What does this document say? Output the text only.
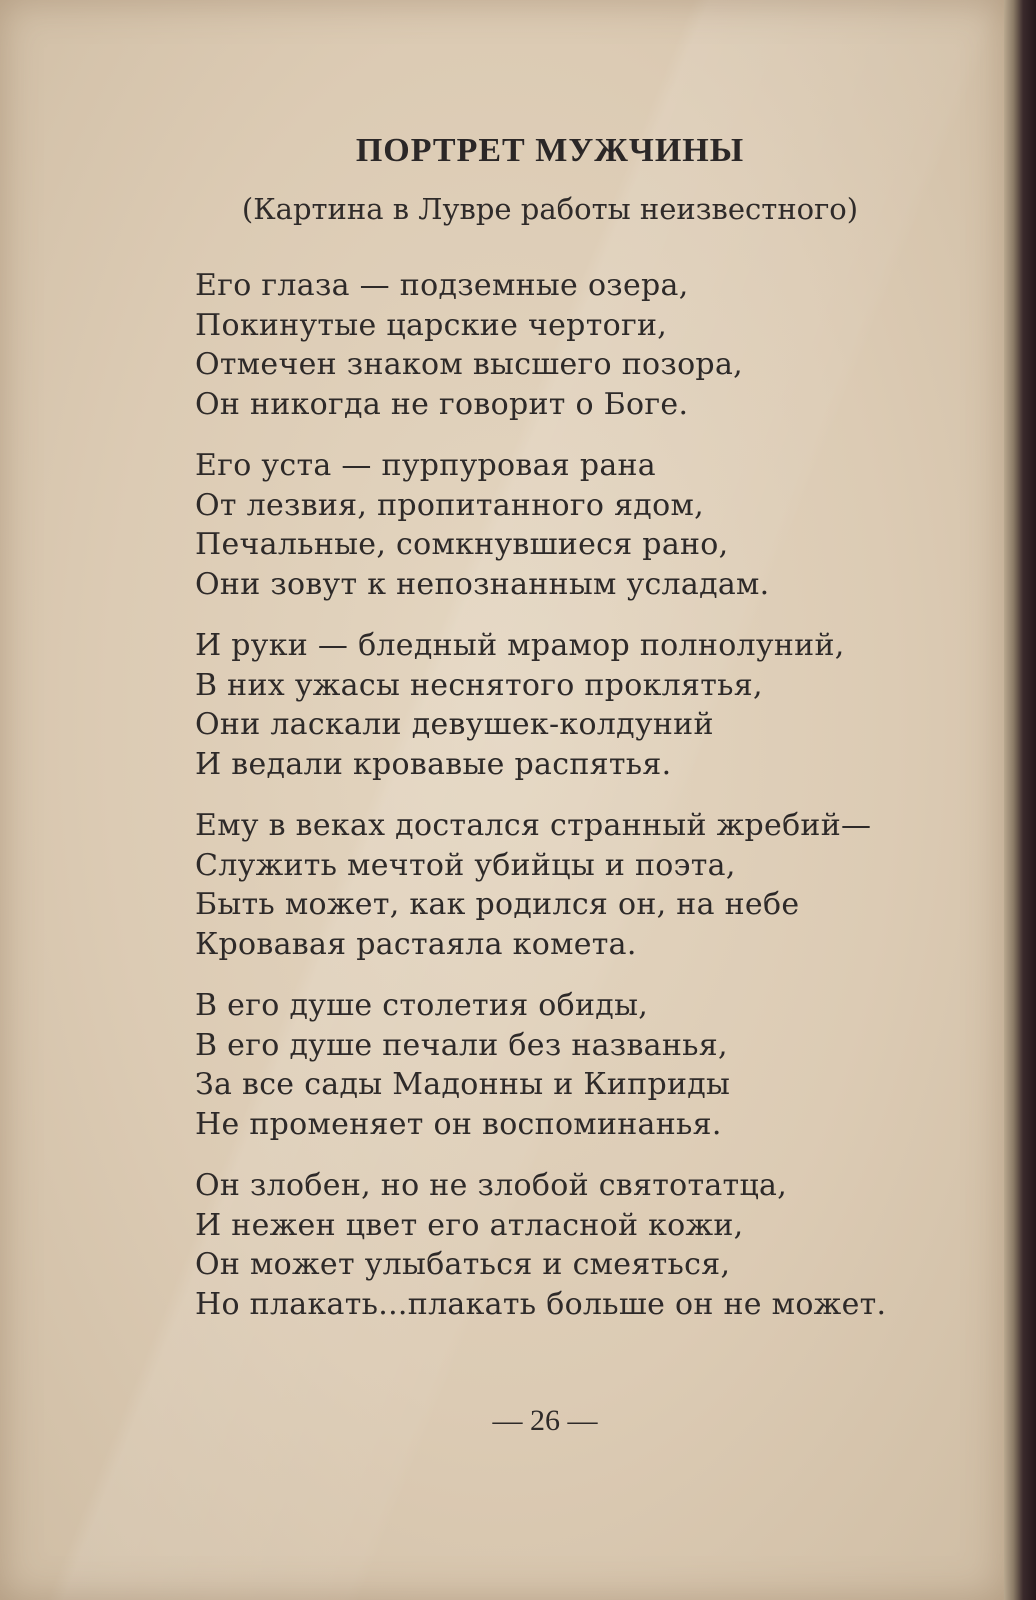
ПОРТРЕТ МУЖЧИНЫ

(Картина в Лувре работы неизвестного)

Его глаза — подземные озера,
Покинутые царские чертоги,
Отмечен знаком высшего позора,
Он никогда не говорит о Боге.
Его уста — пурпуровая рана
От лезвия, пропитанного ядом,
Печальные, сомкнувшиеся рано,
Они зовут к непознанным усладам.
И руки — бледный мрамор полнолуний,
В них ужасы неснятого проклятья,
Они ласкали девушек-колдуний
И ведали кровавые распятья.
Ему в веках достался странный жребий—
Служить мечтой убийцы и поэта,
Быть может, как родился он, на небе
Кровавая растаяла комета.
В его душе столетия обиды,
В его душе печали без названья,
За все сады Мадонны и Киприды
Не променяет он воспоминанья.
Он злобен, но не злобой святотатца,
И нежен цвет его атласной кожи,
Он может улыбаться и смеяться,
Но плакать...плакать больше он не может.
— 26 —
